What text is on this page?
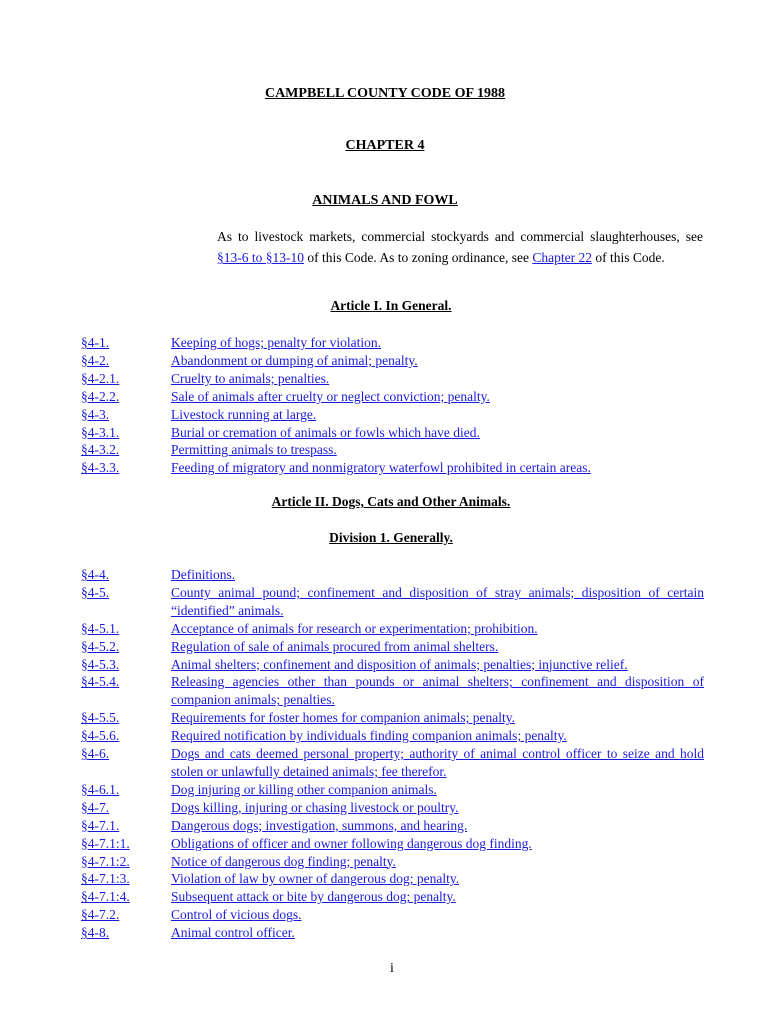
CAMPBELL COUNTY CODE OF 1988
CHAPTER 4
ANIMALS AND FOWL

As to livestock markets, commercial stockyards and commercial slaughterhouses, see §13-6 to §13-10 of this Code. As to zoning ordinance, see Chapter 22 of this Code.

Article I. In General.
§4-1.	Keeping of hogs; penalty for violation.
§4-2.	Abandonment or dumping of animal; penalty.
§4-2.1.	Cruelty to animals; penalties.
§4-2.2.	Sale of animals after cruelty or neglect conviction; penalty.
§4-3.	Livestock running at large.
§4-3.1.	Burial or cremation of animals or fowls which have died.
§4-3.2.	Permitting animals to trespass.
§4-3.3.	Feeding of migratory and nonmigratory waterfowl prohibited in certain areas.
Article II. Dogs, Cats and Other Animals.
Division 1. Generally.
§4-4.	Definitions.
§4-5.	County animal pound; confinement and disposition of stray animals; disposition of certain “identified” animals.
§4-5.1.	Acceptance of animals for research or experimentation; prohibition.
§4-5.2.	Regulation of sale of animals procured from animal shelters.
§4-5.3.	Animal shelters; confinement and disposition of animals; penalties; injunctive relief.
§4-5.4.	Releasing agencies other than pounds or animal shelters; confinement and disposition of companion animals; penalties.
§4-5.5.	Requirements for foster homes for companion animals; penalty.
§4-5.6.	Required notification by individuals finding companion animals; penalty.
§4-6.	Dogs and cats deemed personal property; authority of animal control officer to seize and hold stolen or unlawfully detained animals; fee therefor.
§4-6.1.	Dog injuring or killing other companion animals.
§4-7.	Dogs killing, injuring or chasing livestock or poultry.
§4-7.1.	Dangerous dogs; investigation, summons, and hearing.
§4-7.1:1.	Obligations of officer and owner following dangerous dog finding.
§4-7.1:2.	Notice of dangerous dog finding; penalty.
§4-7.1:3.	Violation of law by owner of dangerous dog; penalty.
§4-7.1:4.	Subsequent attack or bite by dangerous dog; penalty.
§4-7.2.	Control of vicious dogs.
§4-8.	Animal control officer.

i
